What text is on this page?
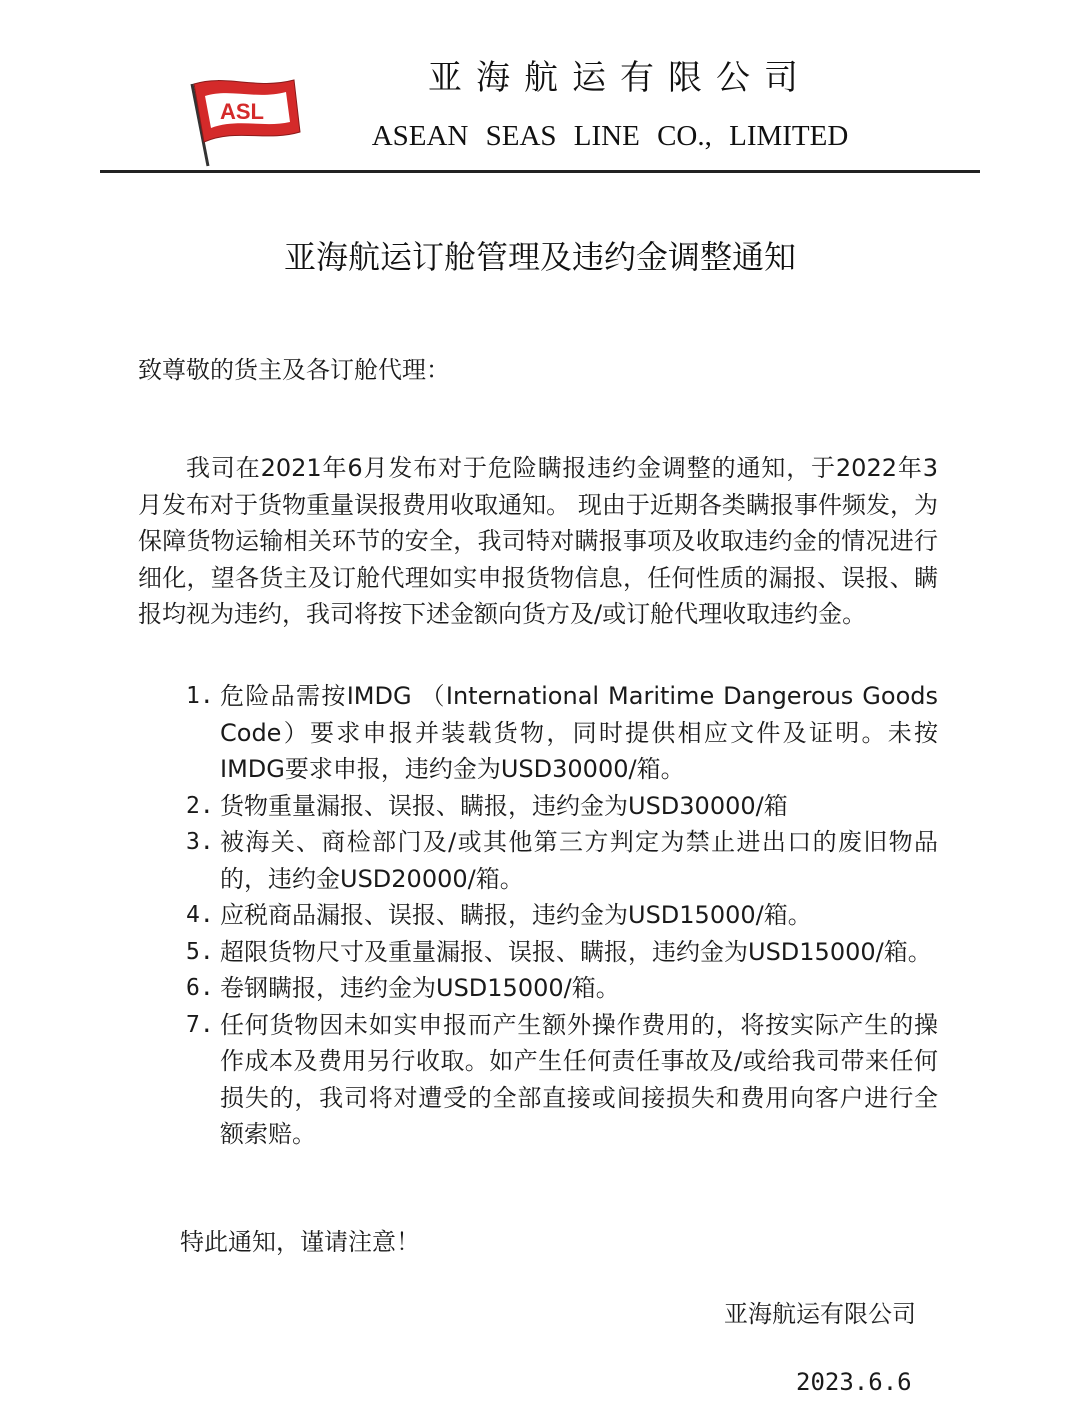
ASL
亚海航运有限公司
ASEAN SEAS LINE CO., LIMITED
亚海航运订舱管理及违约金调整通知
致尊敬的货主及各订舱代理：
我司在2021年6月发布对于危险瞒报违约金调整的通知，于2022年3月发布对于货物重量误报费用收取通知。 现由于近期各类瞒报事件频发，为保障货物运输相关环节的安全，我司特对瞒报事项及收取违约金的情况进行细化，望各货主及订舱代理如实申报货物信息，任何性质的漏报、误报、瞒报均视为违约，我司将按下述金额向货方及/或订舱代理收取违约金。
1. 危险品需按IMDG （International Maritime Dangerous Goods Code）要求申报并装载货物，同时提供相应文件及证明。未按IMDG要求申报，违约金为USD30000/箱。
2. 货物重量漏报、误报、瞒报，违约金为USD30000/箱
3. 被海关、商检部门及/或其他第三方判定为禁止进出口的废旧物品的，违约金USD20000/箱。
4. 应税商品漏报、误报、瞒报，违约金为USD15000/箱。
5. 超限货物尺寸及重量漏报、误报、瞒报，违约金为USD15000/箱。
6. 卷钢瞒报，违约金为USD15000/箱。
7. 任何货物因未如实申报而产生额外操作费用的，将按实际产生的操作成本及费用另行收取。如产生任何责任事故及/或给我司带来任何损失的，我司将对遭受的全部直接或间接损失和费用向客户进行全额索赔。
特此通知，谨请注意！
亚海航运有限公司
2023.6.6
